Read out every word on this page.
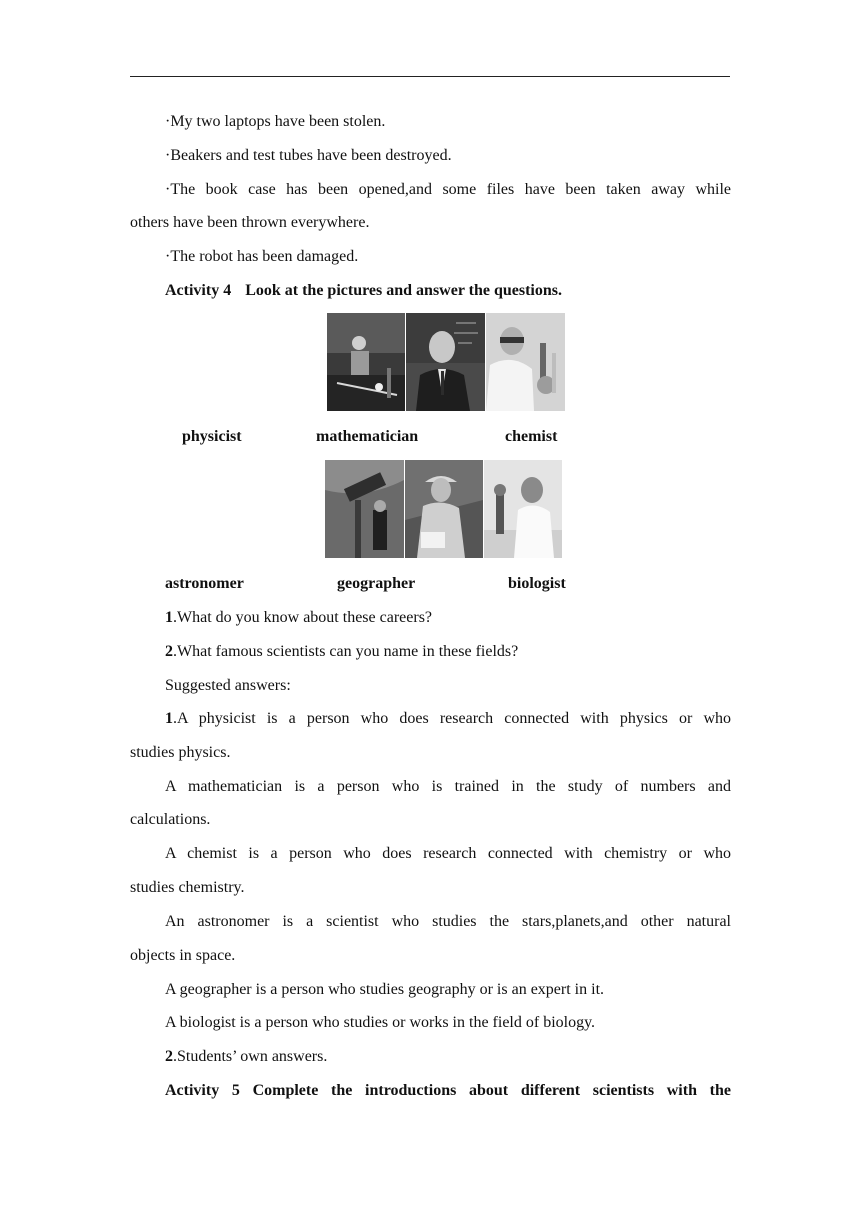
·My two laptops have been stolen.
·Beakers and test tubes have been destroyed.
·The book case has been opened,and some files have been taken away while
others have been thrown everywhere.
·The robot has been damaged.
Activity 4 Look at the pictures and answer the questions.
physicist	mathematician	chemist
astronomer	geographer	biologist
1.What do you know about these careers?
2.What famous scientists can you name in these fields?
Suggested answers:
1.A physicist is a person who does research connected with physics or who
studies physics.
A mathematician is a person who is trained in the study of numbers and
calculations.
A chemist is a person who does research connected with chemistry or who
studies chemistry.
An astronomer is a scientist who studies the stars,planets,and other natural
objects in space.
A geographer is a person who studies geography or is an expert in it.
A biologist is a person who studies or works in the field of biology.
2.Students’ own answers.
Activity 5 Complete the introductions about different scientists with the
